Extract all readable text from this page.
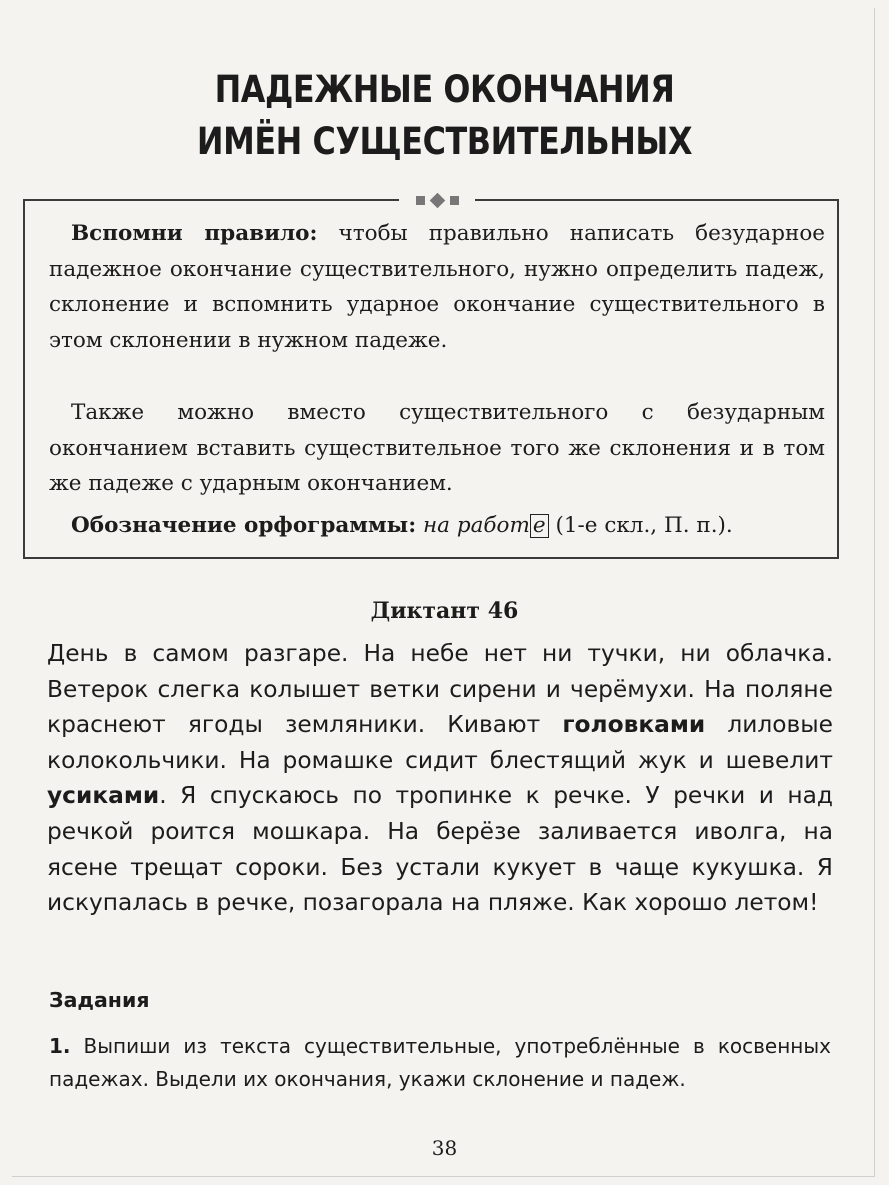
ПАДЕЖНЫЕ ОКОНЧАНИЯ
ИМЁН СУЩЕСТВИТЕЛЬНЫХ

Вспомни правило: чтобы правильно написать безударное падежное окончание существительного, нужно определить падеж, склонение и вспомнить ударное окончание существительного в этом склонении в нужном падеже.

Также можно вместо существительного с безударным окончанием вставить существительное того же склонения и в том же падеже с ударным окончанием.

Обозначение орфограммы: на работ е (1-е скл., П. п.).

Диктант 46

День в самом разгаре. На небе нет ни тучки, ни облачка. Ветерок слегка колышет ветки сирени и черёмухи. На поляне краснеют ягоды земляники. Кивают головками лиловые колокольчики. На ромашке сидит блестящий жук и шевелит усиками. Я спускаюсь по тропинке к речке. У речки и над речкой роится мошкара. На берёзе заливается иволга, на ясене трещат сороки. Без устали кукует в чаще кукушка. Я искупалась в речке, позагорала на пляже. Как хорошо летом!

Задания

1. Выпиши из текста существительные, употреблённые в косвенных падежах. Выдели их окончания, укажи склонение и падеж.

38
